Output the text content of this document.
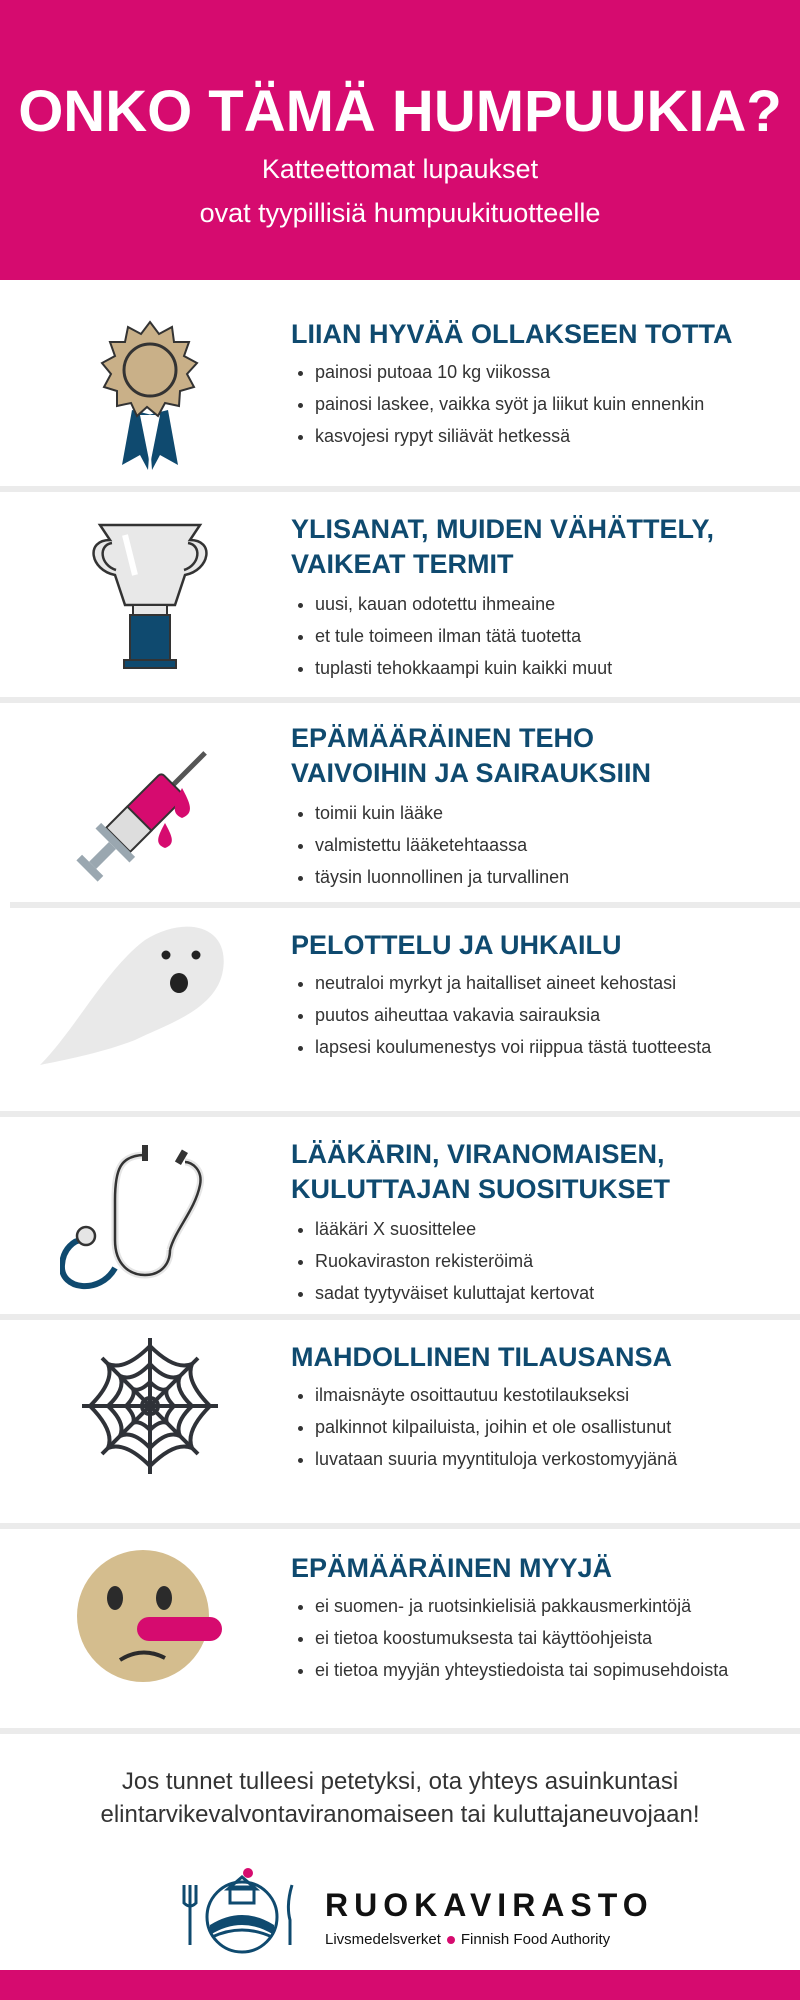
ONKO TÄMÄ HUMPUUKIA?
Katteettomat lupaukset
ovat tyypillisiä humpuukituotteelle
LIIAN HYVÄÄ OLLAKSEEN TOTTA
• painosi putoaa 10 kg viikossa
• painosi laskee, vaikka syöt ja liikut kuin ennenkin
• kasvojesi rypyt siliävät hetkessä
YLISANAT, MUIDEN VÄHÄTTELY,
VAIKEAT TERMIT
• uusi, kauan odotettu ihmeaine
• et tule toimeen ilman tätä tuotetta
• tuplasti tehokkaampi kuin kaikki muut
EPÄMÄÄRÄINEN TEHO
VAIVOIHIN JA SAIRAUKSIIN
• toimii kuin lääke
• valmistettu lääketehtaassa
• täysin luonnollinen ja turvallinen
PELOTTELU JA UHKAILU
• neutraloi myrkyt ja haitalliset aineet kehostasi
• puutos aiheuttaa vakavia sairauksia
• lapsesi koulumenestys voi riippua tästä tuotteesta
LÄÄKÄRIN, VIRANOMAISEN,
KULUTTAJAN SUOSITUKSET
• lääkäri X suosittelee
• Ruokaviraston rekisteröimä
• sadat tyytyväiset kuluttajat kertovat
MAHDOLLINEN TILAUSANSA
• ilmaisnäyte osoittautuu kestotilaukseksi
• palkinnot kilpailuista, joihin et ole osallistunut
• luvataan suuria myyntituloja verkostomyyjänä
EPÄMÄÄRÄINEN MYYJÄ
• ei suomen- ja ruotsinkielisiä pakkausmerkintöjä
• ei tietoa koostumuksesta tai käyttöohjeista
• ei tietoa myyjän yhteystiedoista tai sopimusehdoista
Jos tunnet tulleesi petetyksi, ota yhteys asuinkuntasi
elintarvikevalvontaviranomaiseen tai kuluttajaneuvojaan!
RUOKAVIRASTO
Livsmedelsverket Finnish Food Authority
